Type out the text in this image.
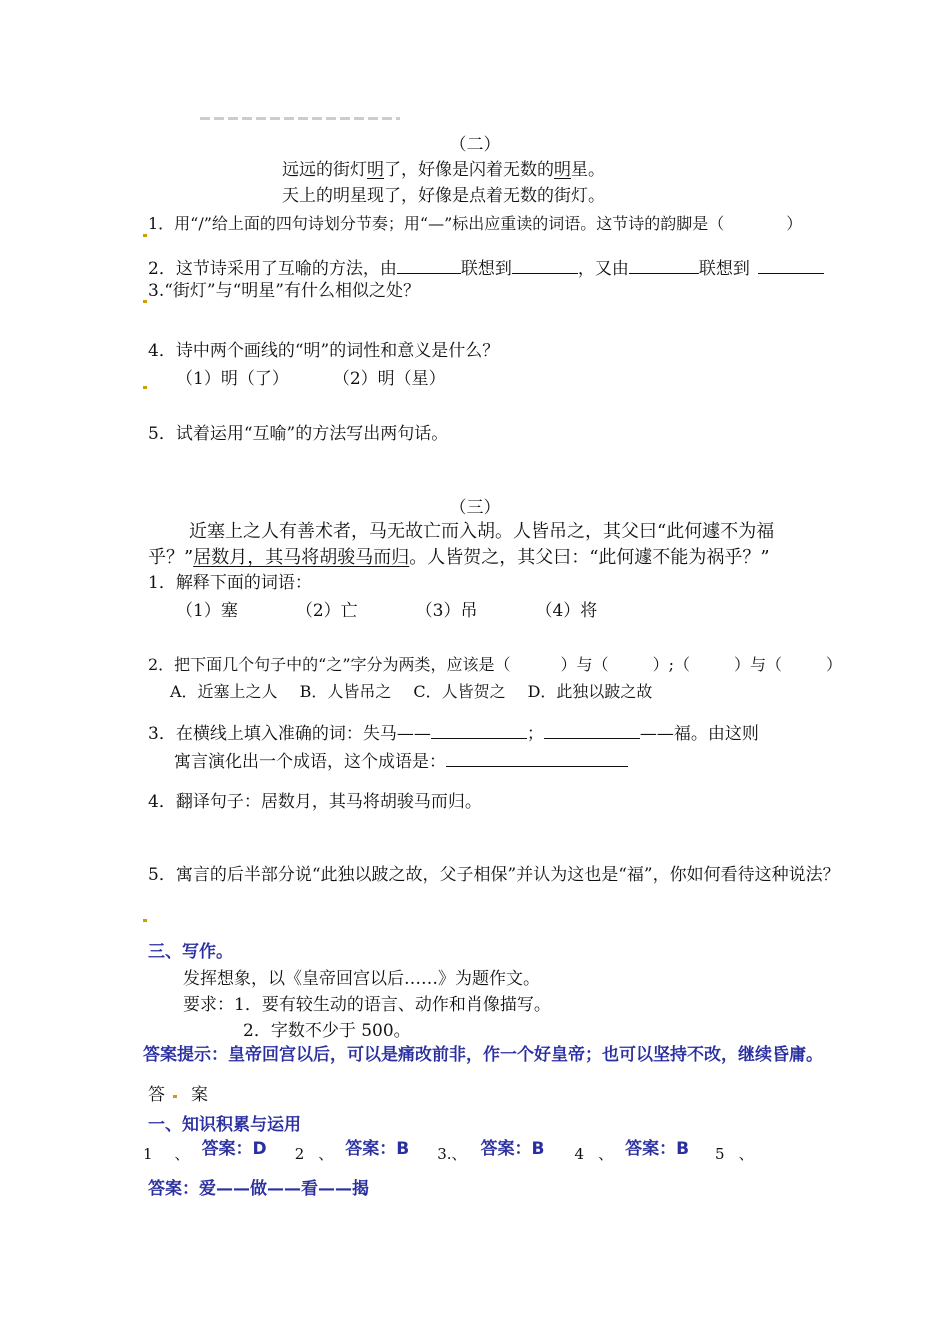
（二）
远远的街灯明了，好像是闪着无数的明星。
天上的明星现了，好像是点着无数的街灯。
1．用“/”给上面的四句诗划分节奏；用“—”标出应重读的词语。这节诗的韵脚是（	）
2．这节诗采用了互喻的方法，由	联想到	，又由	联想到
3.“街灯”与“明星”有什么相似之处？
4．诗中两个画线的“明”的词性和意义是什么？
（1）明（了）	（2）明（星）
5．试着运用“互喻”的方法写出两句话。
（三）
近塞上之人有善术者，马无故亡而入胡。人皆吊之，其父曰“此何遽不为福
乎？”居数月，其马将胡骏马而归。人皆贺之，其父曰：“此何遽不能为祸乎？”
1．解释下面的词语：
（1）塞	（2）亡	（3）吊	（4）将
2．把下面几个句子中的“之”字分为两类，应该是（	）与（	）;（	）与（	）
A．近塞上之人 B．人皆吊之 C．人皆贺之 D．此独以跛之故
3．在横线上填入准确的词：失马——	；	——福。由这则
寓言演化出一个成语，这个成语是：
4．翻译句子：居数月，其马将胡骏马而归。
5．寓言的后半部分说“此独以跛之故，父子相保”并认为这也是“福”，你如何看待这种说法？
三、写作。
发挥想象，以《皇帝回宫以后……》为题作文。
要求：1．要有较生动的语言、动作和肖像描写。
2．字数不少于 500。
答案提示：皇帝回宫以后，可以是痛改前非，作一个好皇帝；也可以坚持不改，继续昏庸。
答 案
一、知识积累与运用
1 、 答案：D 2 、 答案：B 3.、 答案：B 4 、 答案：B 5 、
答案：爱——做——看——揭
